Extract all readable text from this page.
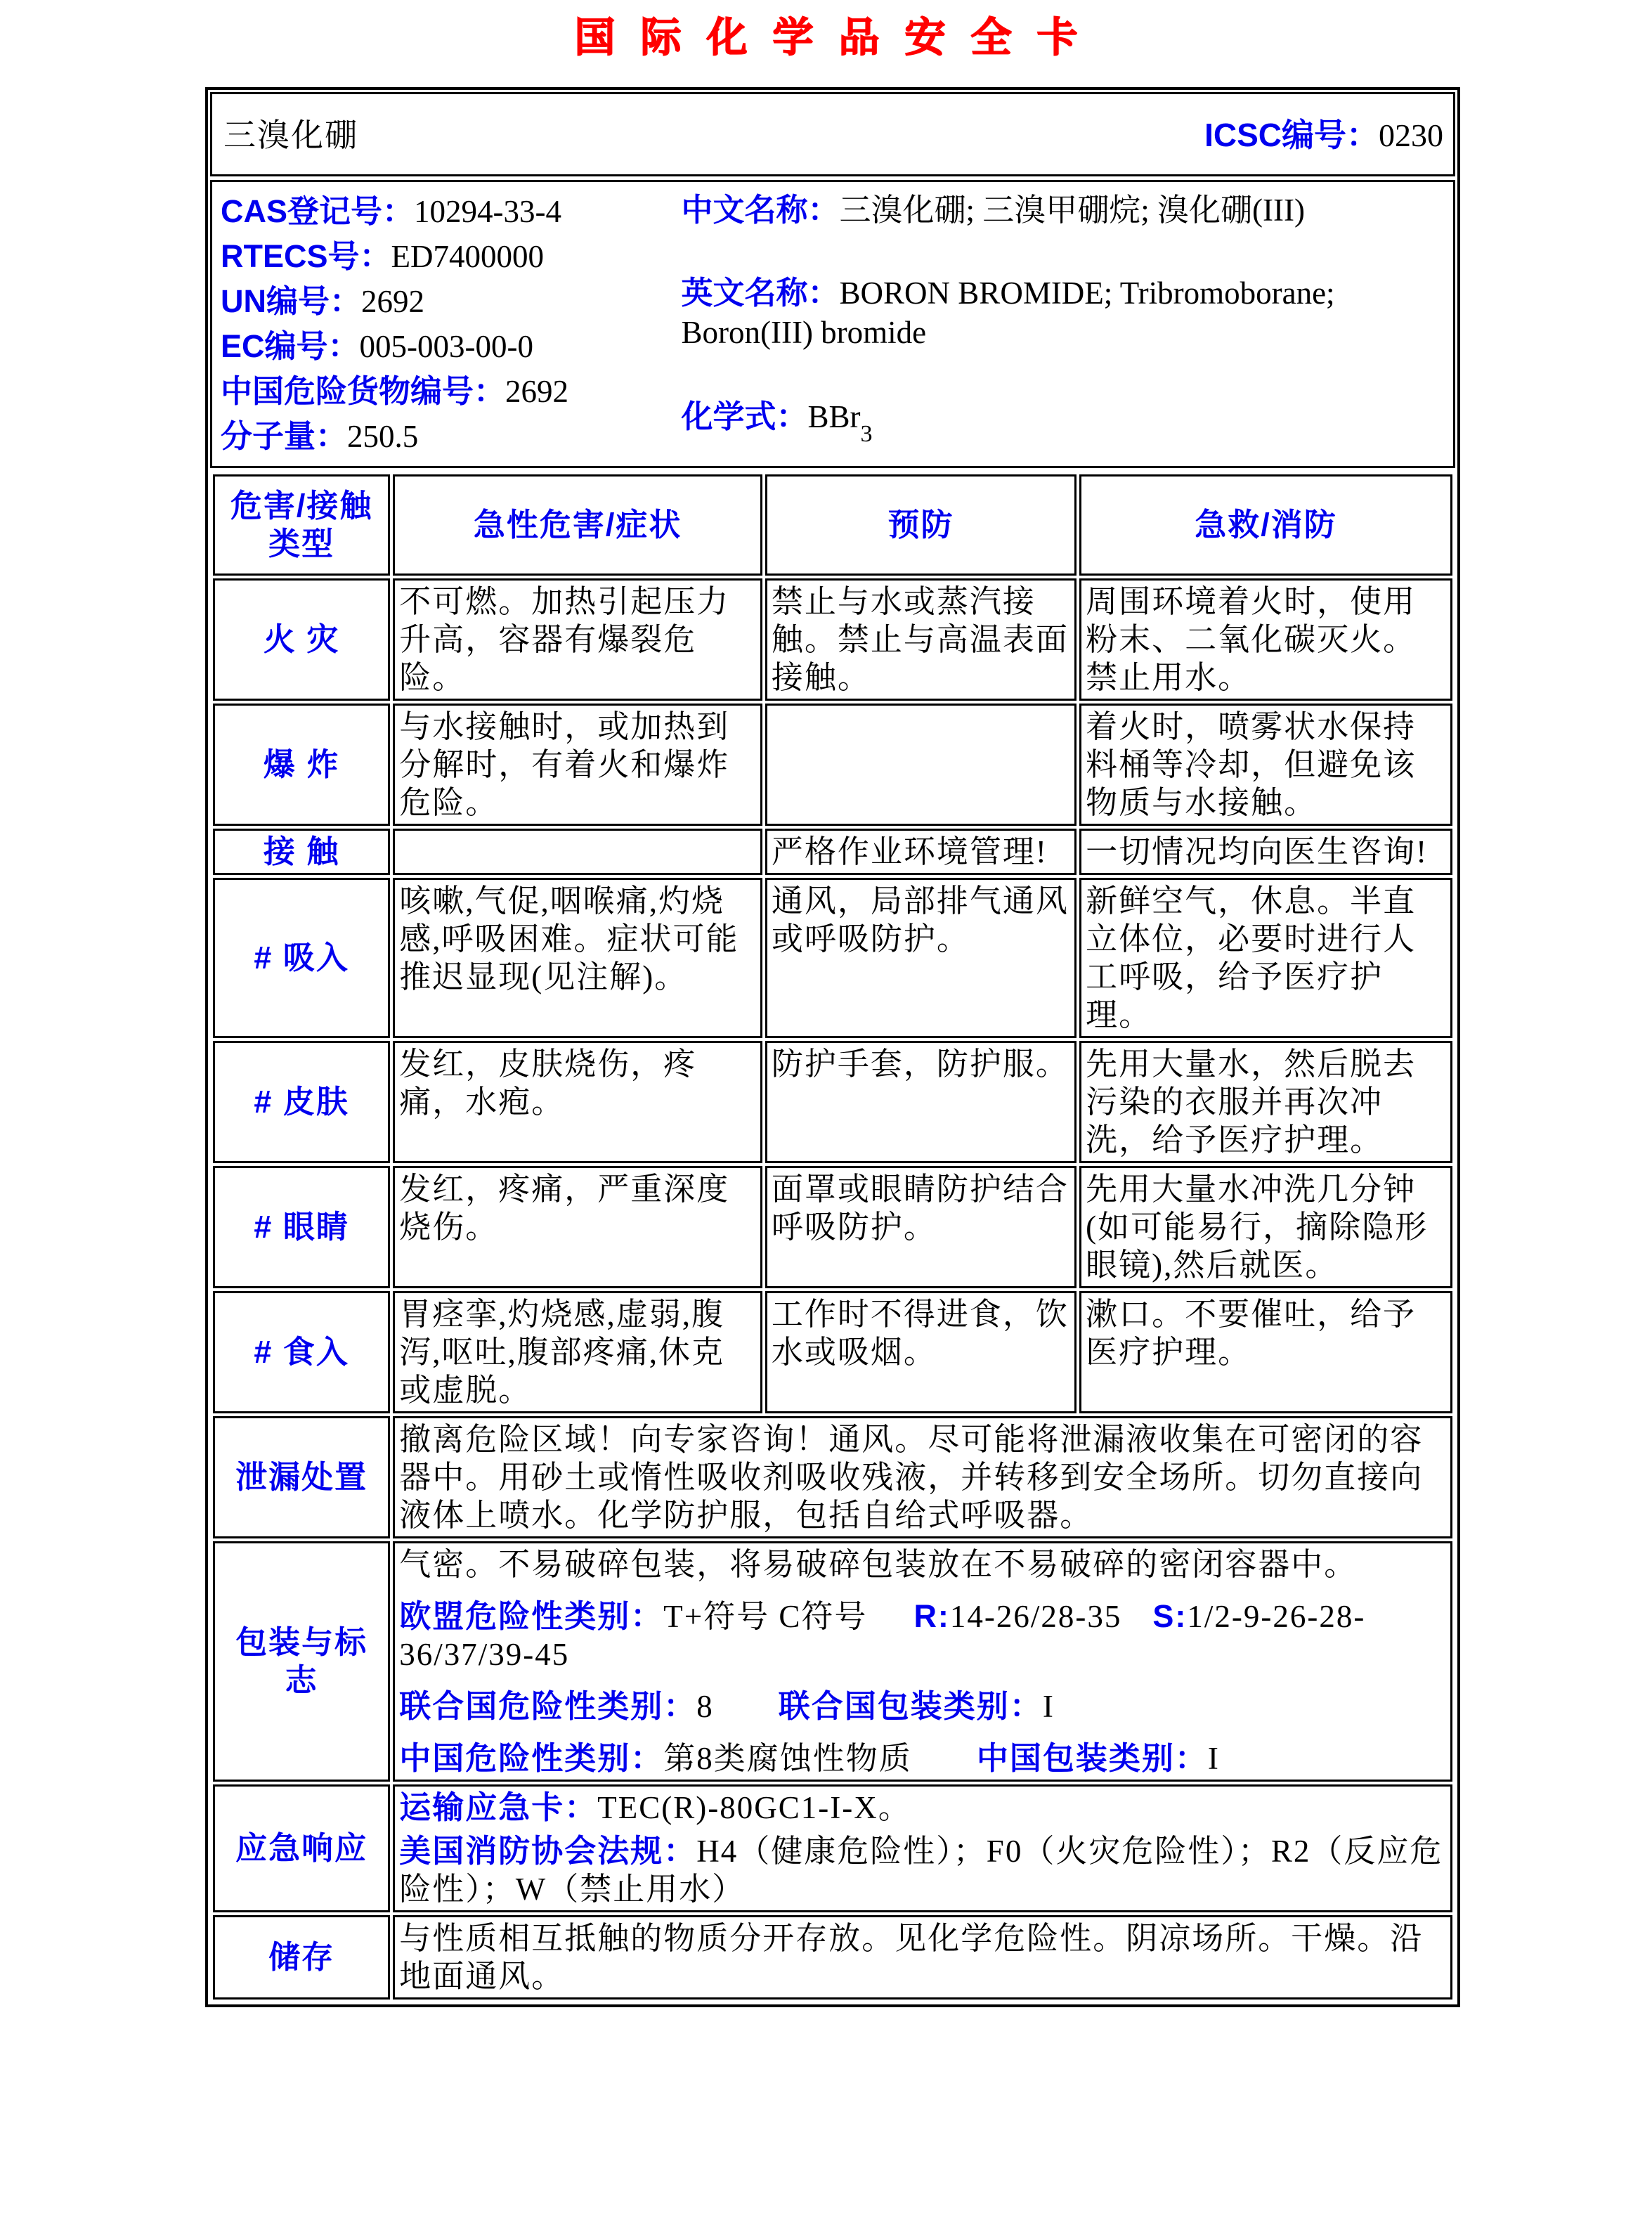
国际化学品安全卡
三溴化硼	ICSC编号：0230
CAS登记号：10294-33-4
RTECS号：ED7400000
UN编号：2692
EC编号：005-003-00-0
中国危险货物编号：2692
分子量：250.5
中文名称：三溴化硼; 三溴甲硼烷; 溴化硼(III)
英文名称：BORON BROMIDE; Tribromoborane; Boron(III) bromide
化学式：BBr$_3$
危害/接触类型	急性危害/症状	预防	急救/消防
火 灾	不可燃。加热引起压力升高，容器有爆裂危险。	禁止与水或蒸汽接触。禁止与高温表面接触。	周围环境着火时，使用粉末、二氧化碳灭火。禁止用水。
爆 炸	与水接触时，或加热到分解时，有着火和爆炸危险。		着火时，喷雾状水保持料桶等冷却，但避免该物质与水接触。
接 触		严格作业环境管理!	一切情况均向医生咨询!
# 吸入	咳嗽,气促,咽喉痛,灼烧感,呼吸困难。症状可能推迟显现(见注解)。	通风，局部排气通风或呼吸防护。	新鲜空气，休息。半直立体位，必要时进行人工呼吸，给予医疗护理。
# 皮肤	发红，皮肤烧伤，疼痛，水疱。	防护手套，防护服。	先用大量水，然后脱去污染的衣服并再次冲洗，给予医疗护理。
# 眼睛	发红，疼痛，严重深度烧伤。	面罩或眼睛防护结合呼吸防护。	先用大量水冲洗几分钟(如可能易行，摘除隐形眼镜),然后就医。
# 食入	胃痉挛,灼烧感,虚弱,腹泻,呕吐,腹部疼痛,休克或虚脱。	工作时不得进食，饮水或吸烟。	漱口。不要催吐，给予医疗护理。
泄漏处置	撤离危险区域！向专家咨询！通风。尽可能将泄漏液收集在可密闭的容器中。用砂土或惰性吸收剂吸收残液，并转移到安全场所。切勿直接向液体上喷水。化学防护服，包括自给式呼吸器。		
包装与标志	气密。不易破碎包装，将易破碎包装放在不易破碎的密闭容器中。

欧盟危险性类别：T+符号 C符号 R:14-26/28-35 S:1/2-9-26-28-36/37/39-45

联合国危险性类别：8 联合国包装类别：I

中国危险性类别：第8类腐蚀性物质 中国包装类别：I		

应急响应	运输应急卡：TEC(R)-80GC1-I-X。

美国消防协会法规：H4（健康危险性）；F0（火灾危险性）；R2（反应危险性）；W（禁止用水）		

储存	与性质相互抵触的物质分开存放。见化学危险性。阴凉场所。干燥。沿地面通风。		
